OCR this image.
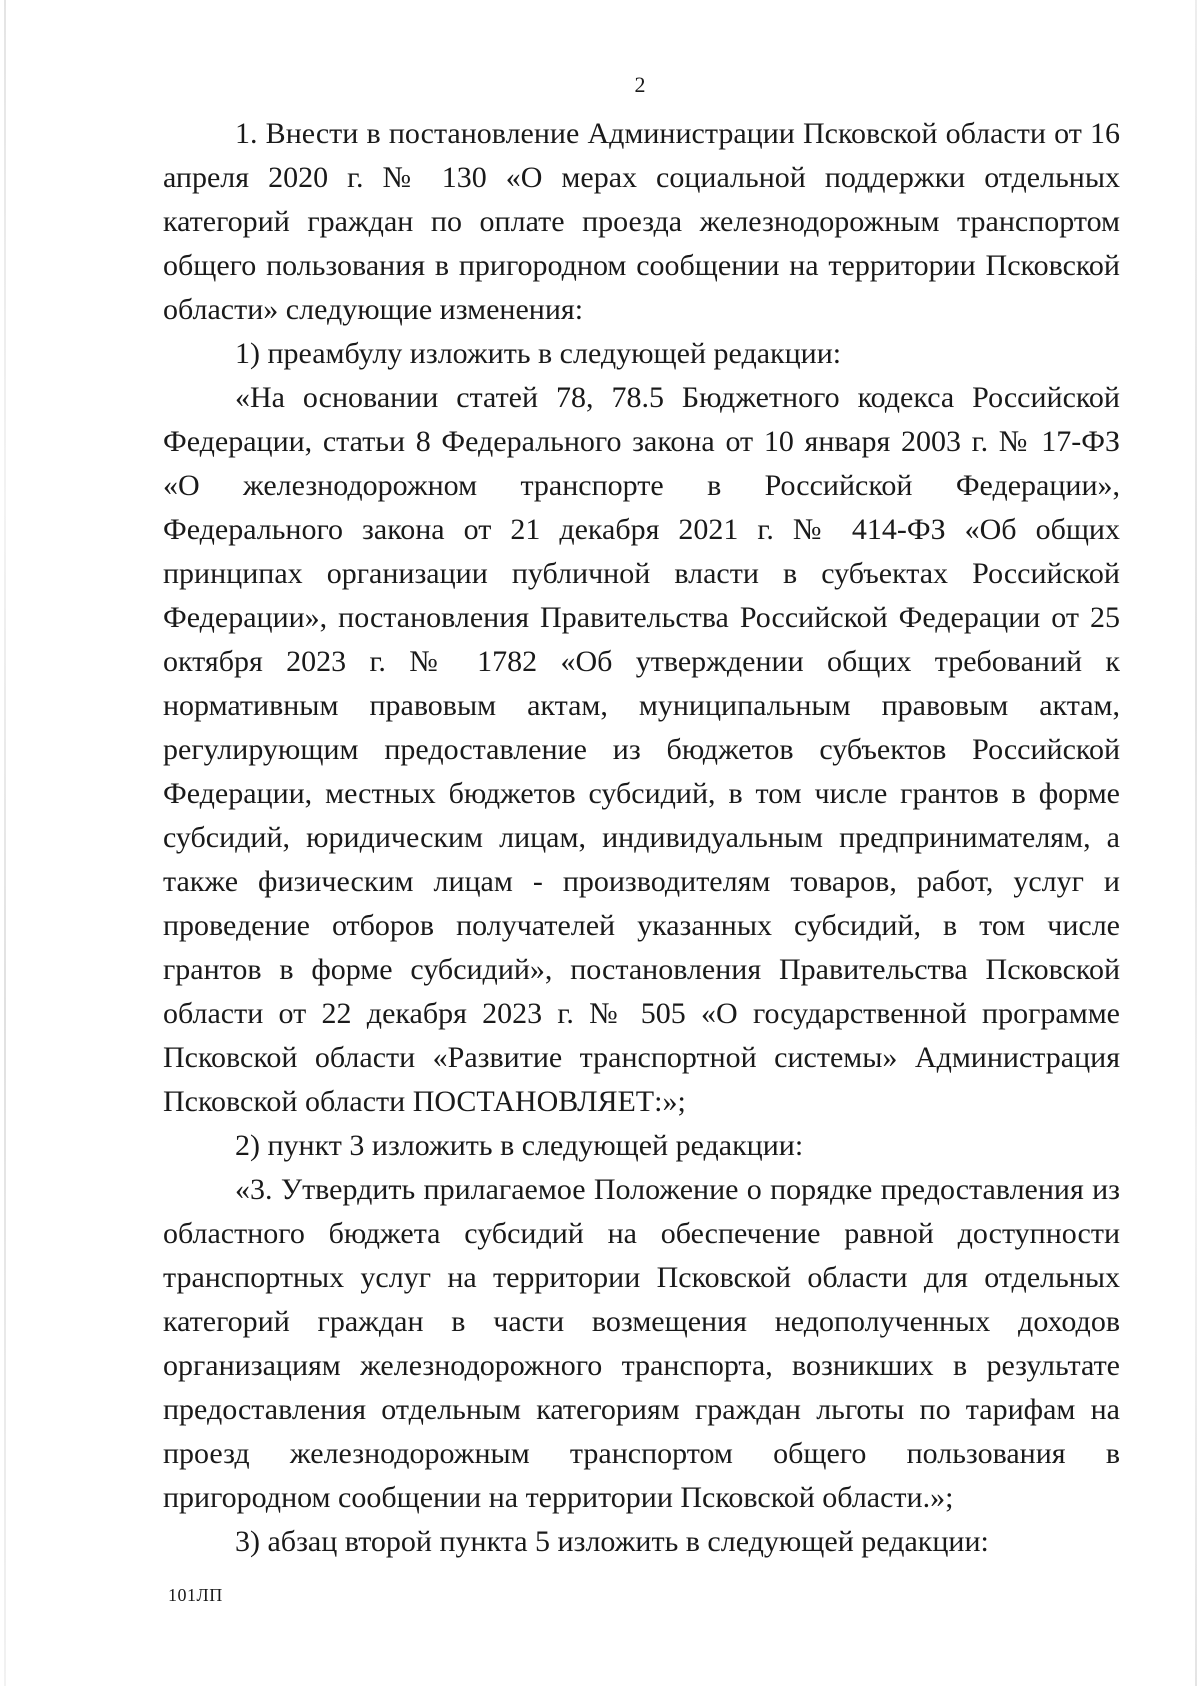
2

1. Внести в постановление Администрации Псковской области от 16 апреля 2020 г. № 130 «О мерах социальной поддержки отдельных категорий граждан по оплате проезда железнодорожным транспортом общего пользования в пригородном сообщении на территории Псковской области» следующие изменения:

1) преамбулу изложить в следующей редакции:

«На основании статей 78, 78.5 Бюджетного кодекса Российской Федерации, статьи 8 Федерального закона от 10 января 2003 г. № 17-ФЗ «О железнодорожном транспорте в Российской Федерации», Федерального закона от 21 декабря 2021 г. № 414-ФЗ «Об общих принципах организации публичной власти в субъектах Российской Федерации», постановления Правительства Российской Федерации от 25 октября 2023 г. № 1782 «Об утверждении общих требований к нормативным правовым актам, муниципальным правовым актам, регулирующим предоставление из бюджетов субъектов Российской Федерации, местных бюджетов субсидий, в том числе грантов в форме субсидий, юридическим лицам, индивидуальным предпринимателям, а также физическим лицам - производителям товаров, работ, услуг и проведение отборов получателей указанных субсидий, в том числе грантов в форме субсидий», постановления Правительства Псковской области от 22 декабря 2023 г. № 505 «О государственной программе Псковской области «Развитие транспортной системы» Администрация Псковской области ПОСТАНОВЛЯЕТ:»;

2) пункт 3 изложить в следующей редакции:

«3. Утвердить прилагаемое Положение о порядке предоставления из областного бюджета субсидий на обеспечение равной доступности транспортных услуг на территории Псковской области для отдельных категорий граждан в части возмещения недополученных доходов организациям железнодорожного транспорта, возникших в результате предоставления отдельным категориям граждан льготы по тарифам на проезд железнодорожным транспортом общего пользования в пригородном сообщении на территории Псковской области.»;

3) абзац второй пункта 5 изложить в следующей редакции:

101ЛП
